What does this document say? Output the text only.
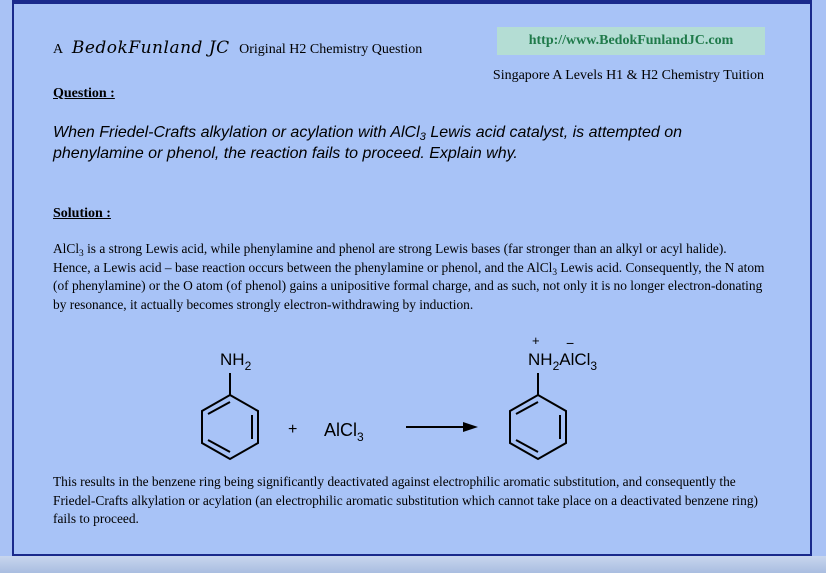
A BedokFunland JC Original H2 Chemistry Question
http://www.BedokFunlandJC.com
Singapore A Levels H1 & H2 Chemistry Tuition
Question :
When Friedel-Crafts alkylation or acylation with AlCl$_3$ Lewis acid catalyst, is attempted on phenylamine or phenol, the reaction fails to proceed. Explain why.
Solution :
AlCl$_3$ is a strong Lewis acid, while phenylamine and phenol are strong Lewis bases (far stronger than an alkyl or acyl halide). Hence, a Lewis acid – base reaction occurs between the phenylamine or phenol, and the AlCl$_3$ Lewis acid. Consequently, the N atom (of phenylamine) or the O atom (of phenol) gains a unipositive formal charge, and as such, not only it is no longer electron-donating by resonance, it actually becomes strongly electron-withdrawing by induction.
$NH_2$
+ AlCl$_3$
+ −
$NH_2AlCl_3$
This results in the benzene ring being significantly deactivated against electrophilic aromatic substitution, and consequently the Friedel-Crafts alkylation or acylation (an electrophilic aromatic substitution which cannot take place on a deactivated benzene ring) fails to proceed.
